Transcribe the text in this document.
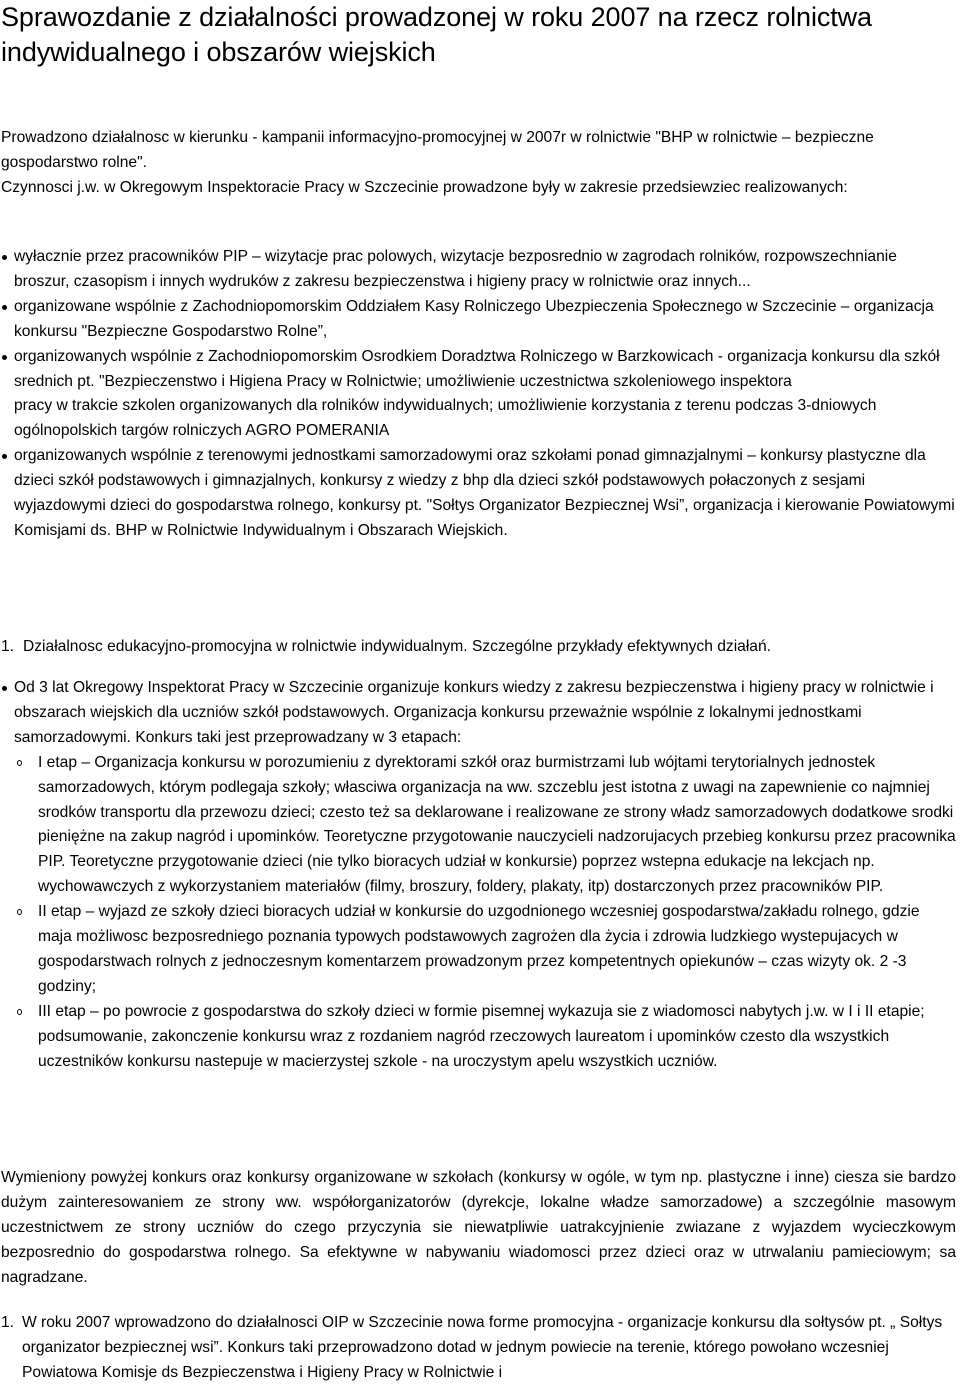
Sprawozdanie z działalności prowadzonej w roku 2007 na rzecz rolnictwa indywidualnego i obszarów wiejskich

Prowadzono działalnosc w kierunku - kampanii informacyjno-promocyjnej w 2007r w rolnictwie "BHP w rolnictwie – bezpieczne gospodarstwo rolne".

Czynnosci j.w. w Okregowym Inspektoracie Pracy w Szczecinie prowadzone były w zakresie przedsiewziec realizowanych:

wyłacznie przez pracowników PIP – wizytacje prac polowych, wizytacje bezposrednio w zagrodach rolników, rozpowszechnianie broszur, czasopism i innych wydruków z zakresu bezpieczenstwa i higieny pracy w rolnictwie oraz innych...
organizowane wspólnie z Zachodniopomorskim Oddziałem Kasy Rolniczego Ubezpieczenia Społecznego w Szczecinie – organizacja konkursu "Bezpieczne Gospodarstwo Rolne”,
organizowanych wspólnie z Zachodniopomorskim Osrodkiem Doradztwa Rolniczego w Barzkowicach - organizacja konkursu dla szkół srednich pt. "Bezpieczenstwo i Higiena Pracy w Rolnictwie; umożliwienie uczestnictwa szkoleniowego inspektora
pracy w trakcie szkolen organizowanych dla rolników indywidualnych; umożliwienie korzystania z terenu podczas 3-dniowych ogólnopolskich targów rolniczych AGRO POMERANIA
organizowanych wspólnie z terenowymi jednostkami samorzadowymi oraz szkołami ponad gimnazjalnymi – konkursy plastyczne dla dzieci szkół podstawowych i gimnazjalnych, konkursy z wiedzy z bhp dla dzieci szkół podstawowych połaczonych z sesjami wyjazdowymi dzieci do gospodarstwa rolnego, konkursy pt. "Sołtys Organizator Bezpiecznej Wsi”, organizacja i kierowanie Powiatowymi Komisjami ds. BHP w Rolnictwie Indywidualnym i Obszarach Wiejskich.
1. Działalnosc edukacyjno-promocyjna w rolnictwie indywidualnym. Szczególne przykłady efektywnych działań.
Od 3 lat Okregowy Inspektorat Pracy w Szczecinie organizuje konkurs wiedzy z zakresu bezpieczenstwa i higieny pracy w rolnictwie i obszarach wiejskich dla uczniów szkół podstawowych. Organizacja konkursu przeważnie wspólnie z lokalnymi jednostkami samorzadowymi. Konkurs taki jest przeprowadzany w 3 etapach:
I etap – Organizacja konkursu w porozumieniu z dyrektorami szkół oraz burmistrzami lub wójtami terytorialnych jednostek samorzadowych, którym podlegaja szkoły; własciwa organizacja na ww. szczeblu jest istotna z uwagi na zapewnienie co najmniej srodków transportu dla przewozu dzieci; czesto też sa deklarowane i realizowane ze strony władz samorzadowych dodatkowe srodki pieniężne na zakup nagród i upominków. Teoretyczne przygotowanie nauczycieli nadzorujacych przebieg konkursu przez pracownika PIP. Teoretyczne przygotowanie dzieci (nie tylko bioracych udział w konkursie) poprzez wstepna edukacje na lekcjach np. wychowawczych z wykorzystaniem materiałów (filmy, broszury, foldery, plakaty, itp) dostarczonych przez pracowników PIP.
II etap – wyjazd ze szkoły dzieci bioracych udział w konkursie do uzgodnionego wczesniej gospodarstwa/zakładu rolnego, gdzie maja możliwosc bezposredniego poznania typowych podstawowych zagrożen dla życia i zdrowia ludzkiego wystepujacych w gospodarstwach rolnych z jednoczesnym komentarzem prowadzonym przez kompetentnych opiekunów – czas wizyty ok. 2 -3 godziny;
III etap – po powrocie z gospodarstwa do szkoły dzieci w formie pisemnej wykazuja sie z wiadomosci nabytych j.w. w I i II etapie; podsumowanie, zakonczenie konkursu wraz z rozdaniem nagród rzeczowych laureatom i upominków czesto dla wszystkich uczestników konkursu nastepuje w macierzystej szkole - na uroczystym apelu wszystkich uczniów.

Wymieniony powyżej konkurs oraz konkursy organizowane w szkołach (konkursy w ogóle, w tym np. plastyczne i inne) ciesza sie bardzo dużym zainteresowaniem ze strony ww. współorganizatorów (dyrekcje, lokalne władze samorzadowe) a szczególnie masowym uczestnictwem ze strony uczniów do czego przyczynia sie niewatpliwie uatrakcyjnienie zwiazane z wyjazdem wycieczkowym bezposrednio do gospodarstwa rolnego. Sa efektywne w nabywaniu wiadomosci przez dzieci oraz w utrwalaniu pamieciowym; sa nagradzane.

1. W roku 2007 wprowadzono do działalnosci OIP w Szczecinie nowa forme promocyjna - organizacje konkursu dla sołtysów pt. „ Sołtys organizator bezpiecznej wsi”. Konkurs taki przeprowadzono dotad w jednym powiecie na terenie, którego powołano wczesniej Powiatowa Komisje ds Bezpieczenstwa i Higieny Pracy w Rolnictwie i
